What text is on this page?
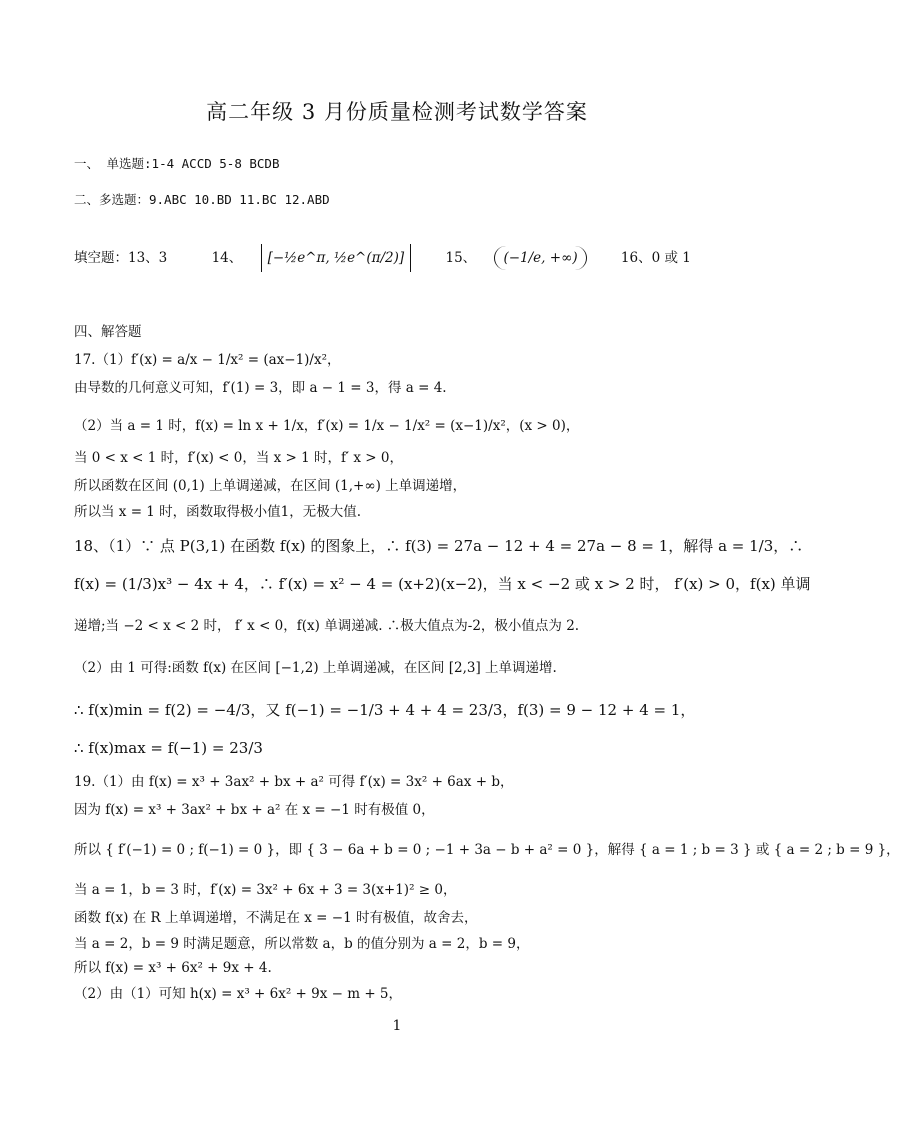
高二年级 3 月份质量检测考试数学答案
一、 单选题:1-4 ACCD 5-8 BCDB
二、多选题：9.ABC 10.BD 11.BC 12.ABD
填空题：13、3	14、 [−½e^π, ½e^(π/2)]	15、 (−1/e, +∞)	16、0 或 1
四、解答题
17.（1）f′(x) = a/x − 1/x² = (ax−1)/x²，
由导数的几何意义可知，f′(1) = 3，即 a − 1 = 3，得 a = 4.
（2）当 a = 1 时，f(x) = ln x + 1/x，f′(x) = 1/x − 1/x² = (x−1)/x²，(x > 0)，
当 0 < x < 1 时，f′(x) < 0，当 x > 1 时，f′ x > 0，
所以函数在区间 (0,1) 上单调递减，在区间 (1,+∞) 上单调递增，
所以当 x = 1 时，函数取得极小值1，无极大值.
18、（1）∵ 点 P(3,1) 在函数 f(x) 的图象上，∴ f(3) = 27a − 12 + 4 = 27a − 8 = 1，解得 a = 1/3，∴
f(x) = (1/3)x³ − 4x + 4，∴ f′(x) = x² − 4 = (x+2)(x−2)，当 x < −2 或 x > 2 时， f′(x) > 0，f(x) 单调
递增;当 −2 < x < 2 时， f′ x < 0，f(x) 单调递减. ∴极大值点为-2，极小值点为 2.
（2）由 1 可得:函数 f(x) 在区间 [−1,2) 上单调递减，在区间 [2,3] 上单调递增.
∴ f(x)min = f(2) = −4/3，又 f(−1) = −1/3 + 4 + 4 = 23/3，f(3) = 9 − 12 + 4 = 1，
∴ f(x)max = f(−1) = 23/3
19.（1）由 f(x) = x³ + 3ax² + bx + a² 可得 f′(x) = 3x² + 6ax + b，
因为 f(x) = x³ + 3ax² + bx + a² 在 x = −1 时有极值 0，
所以 { f′(−1) = 0 ; f(−1) = 0 }，即 { 3 − 6a + b = 0 ; −1 + 3a − b + a² = 0 }，解得 { a = 1 ; b = 3 } 或 { a = 2 ; b = 9 }，
当 a = 1，b = 3 时，f′(x) = 3x² + 6x + 3 = 3(x+1)² ≥ 0，
函数 f(x) 在 R 上单调递增，不满足在 x = −1 时有极值，故舍去，
当 a = 2，b = 9 时满足题意，所以常数 a，b 的值分别为 a = 2，b = 9，
所以 f(x) = x³ + 6x² + 9x + 4.
（2）由（1）可知 h(x) = x³ + 6x² + 9x − m + 5，
1
